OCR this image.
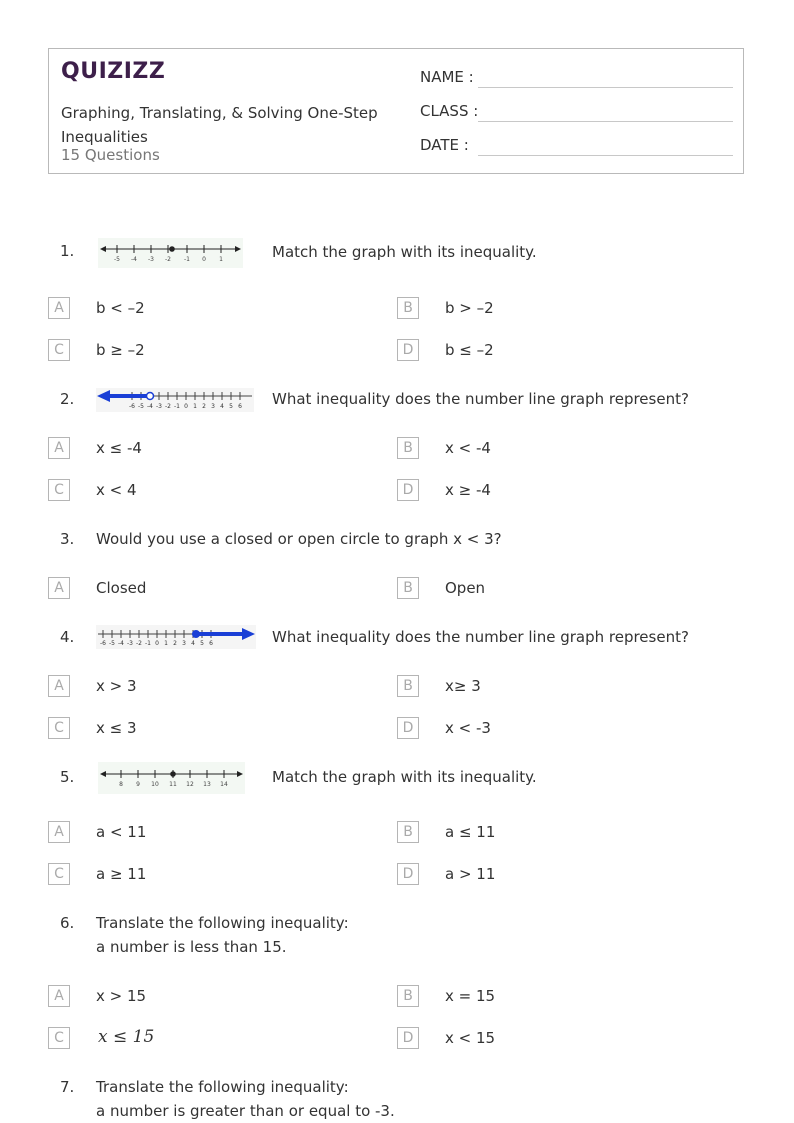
QUIZIZZ
Graphing, Translating, & Solving One-Step Inequalities
15 Questions
NAME :
CLASS :
DATE :
1.	-5 -4 -3 -2 -1 0 1	Match the graph with its inequality.
A	b < –2	B	b > –2
C	b ≥ –2	D	b ≤ –2
2.	-6 -5 -4 -3 -2 -1 0 1 2 3 4 5 6 What inequality does the number line graph represent?
A	x ≤ -4	B	x < -4
C	x < 4	D	x ≥ -4
3. Would you use a closed or open circle to graph x < 3?
A	Closed	B	Open
4.	-6 -5 -4 -3 -2 -1 0 1 2 3 4 5 6	What inequality does the number line graph represent?
A	x > 3	B	x≥ 3
C	x ≤ 3	D	x < -3
5.	8 9 10 11 12 13 14	Match the graph with its inequality.
A	a < 11	B	a ≤ 11
C	a ≥ 11	D	a > 11
6. Translate the following inequality:
a number is less than 15.
A	x > 15	B	x = 15
C	x ≤ 15	D	x < 15
7. Translate the following inequality:
a number is greater than or equal to -3.
